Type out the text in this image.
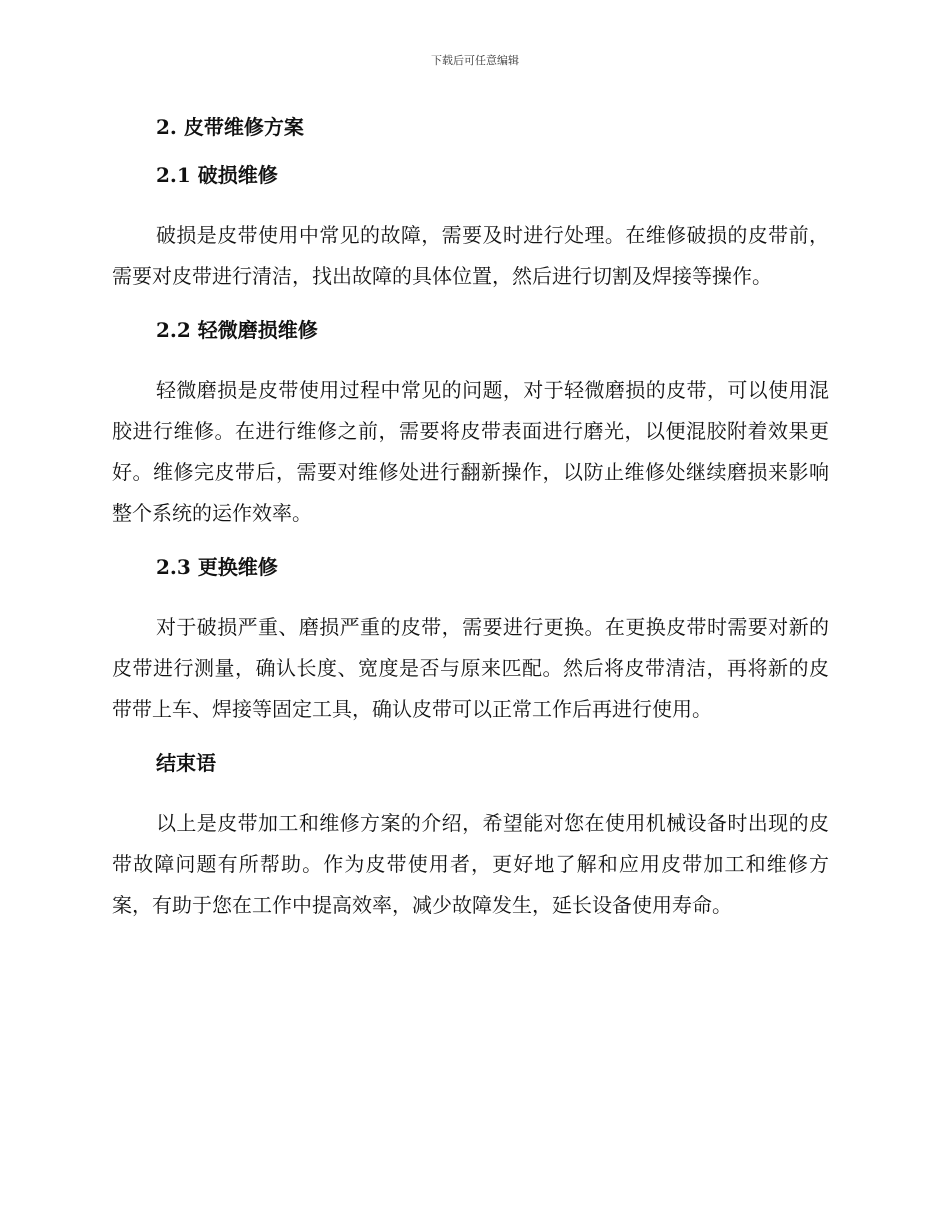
下载后可任意编辑
2. 皮带维修方案
2.1 破损维修

破损是皮带使用中常见的故障，需要及时进行处理。在维修破损的皮带前，需要对皮带进行清洁，找出故障的具体位置，然后进行切割及焊接等操作。

2.2 轻微磨损维修

轻微磨损是皮带使用过程中常见的问题，对于轻微磨损的皮带，可以使用混胶进行维修。在进行维修之前，需要将皮带表面进行磨光，以便混胶附着效果更好。维修完皮带后，需要对维修处进行翻新操作，以防止维修处继续磨损来影响整个系统的运作效率。

2.3 更换维修

对于破损严重、磨损严重的皮带，需要进行更换。在更换皮带时需要对新的皮带进行测量，确认长度、宽度是否与原来匹配。然后将皮带清洁，再将新的皮带带上车、焊接等固定工具，确认皮带可以正常工作后再进行使用。

结束语

以上是皮带加工和维修方案的介绍，希望能对您在使用机械设备时出现的皮带故障问题有所帮助。作为皮带使用者，更好地了解和应用皮带加工和维修方案，有助于您在工作中提高效率，减少故障发生，延长设备使用寿命。
